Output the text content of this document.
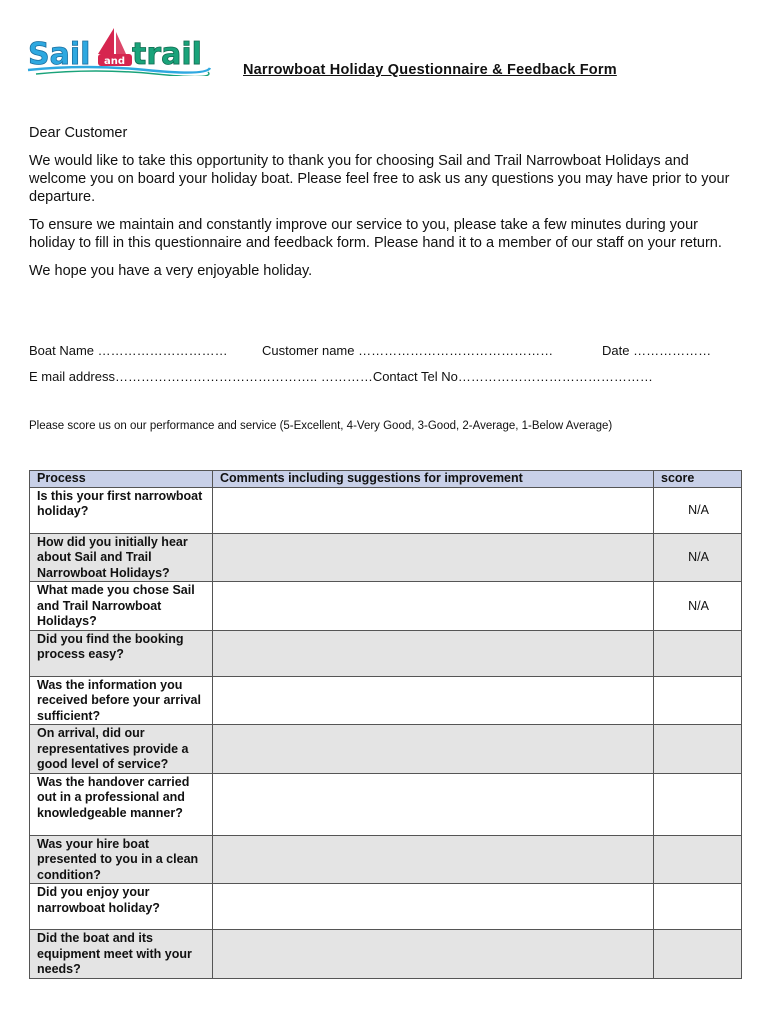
Sail and trail	Narrowboat Holiday Questionnaire & Feedback Form

Dear Customer

We would like to take this opportunity to thank you for choosing Sail and Trail Narrowboat Holidays and welcome you on board your holiday boat. Please feel free to ask us any questions you may have prior to your departure.

To ensure we maintain and constantly improve our service to you, please take a few minutes during your holiday to fill in this questionnaire and feedback form. Please hand it to a member of our staff on your return.

We hope you have a very enjoyable holiday.

Boat Name …………………………	Customer name ………………………………………	Date ………………
E mail address……………………………………….. …………Contact Tel No………………………………………
Please score us on our performance and service (5-Excellent, 4-Very Good, 3-Good, 2-Average, 1-Below Average)
Process	Comments including suggestions for improvement	score
Is this your first narrowboat holiday?		N/A
How did you initially hear about Sail and Trail Narrowboat Holidays?		N/A
What made you chose Sail and Trail Narrowboat Holidays?		N/A
Did you find the booking process easy?		
Was the information you received before your arrival sufficient?		
On arrival, did our representatives provide a good level of service?		
Was the handover carried out in a professional and knowledgeable manner?		
Was your hire boat presented to you in a clean condition?		
Did you enjoy your narrowboat holiday?		
Did the boat and its equipment meet with your needs?		
